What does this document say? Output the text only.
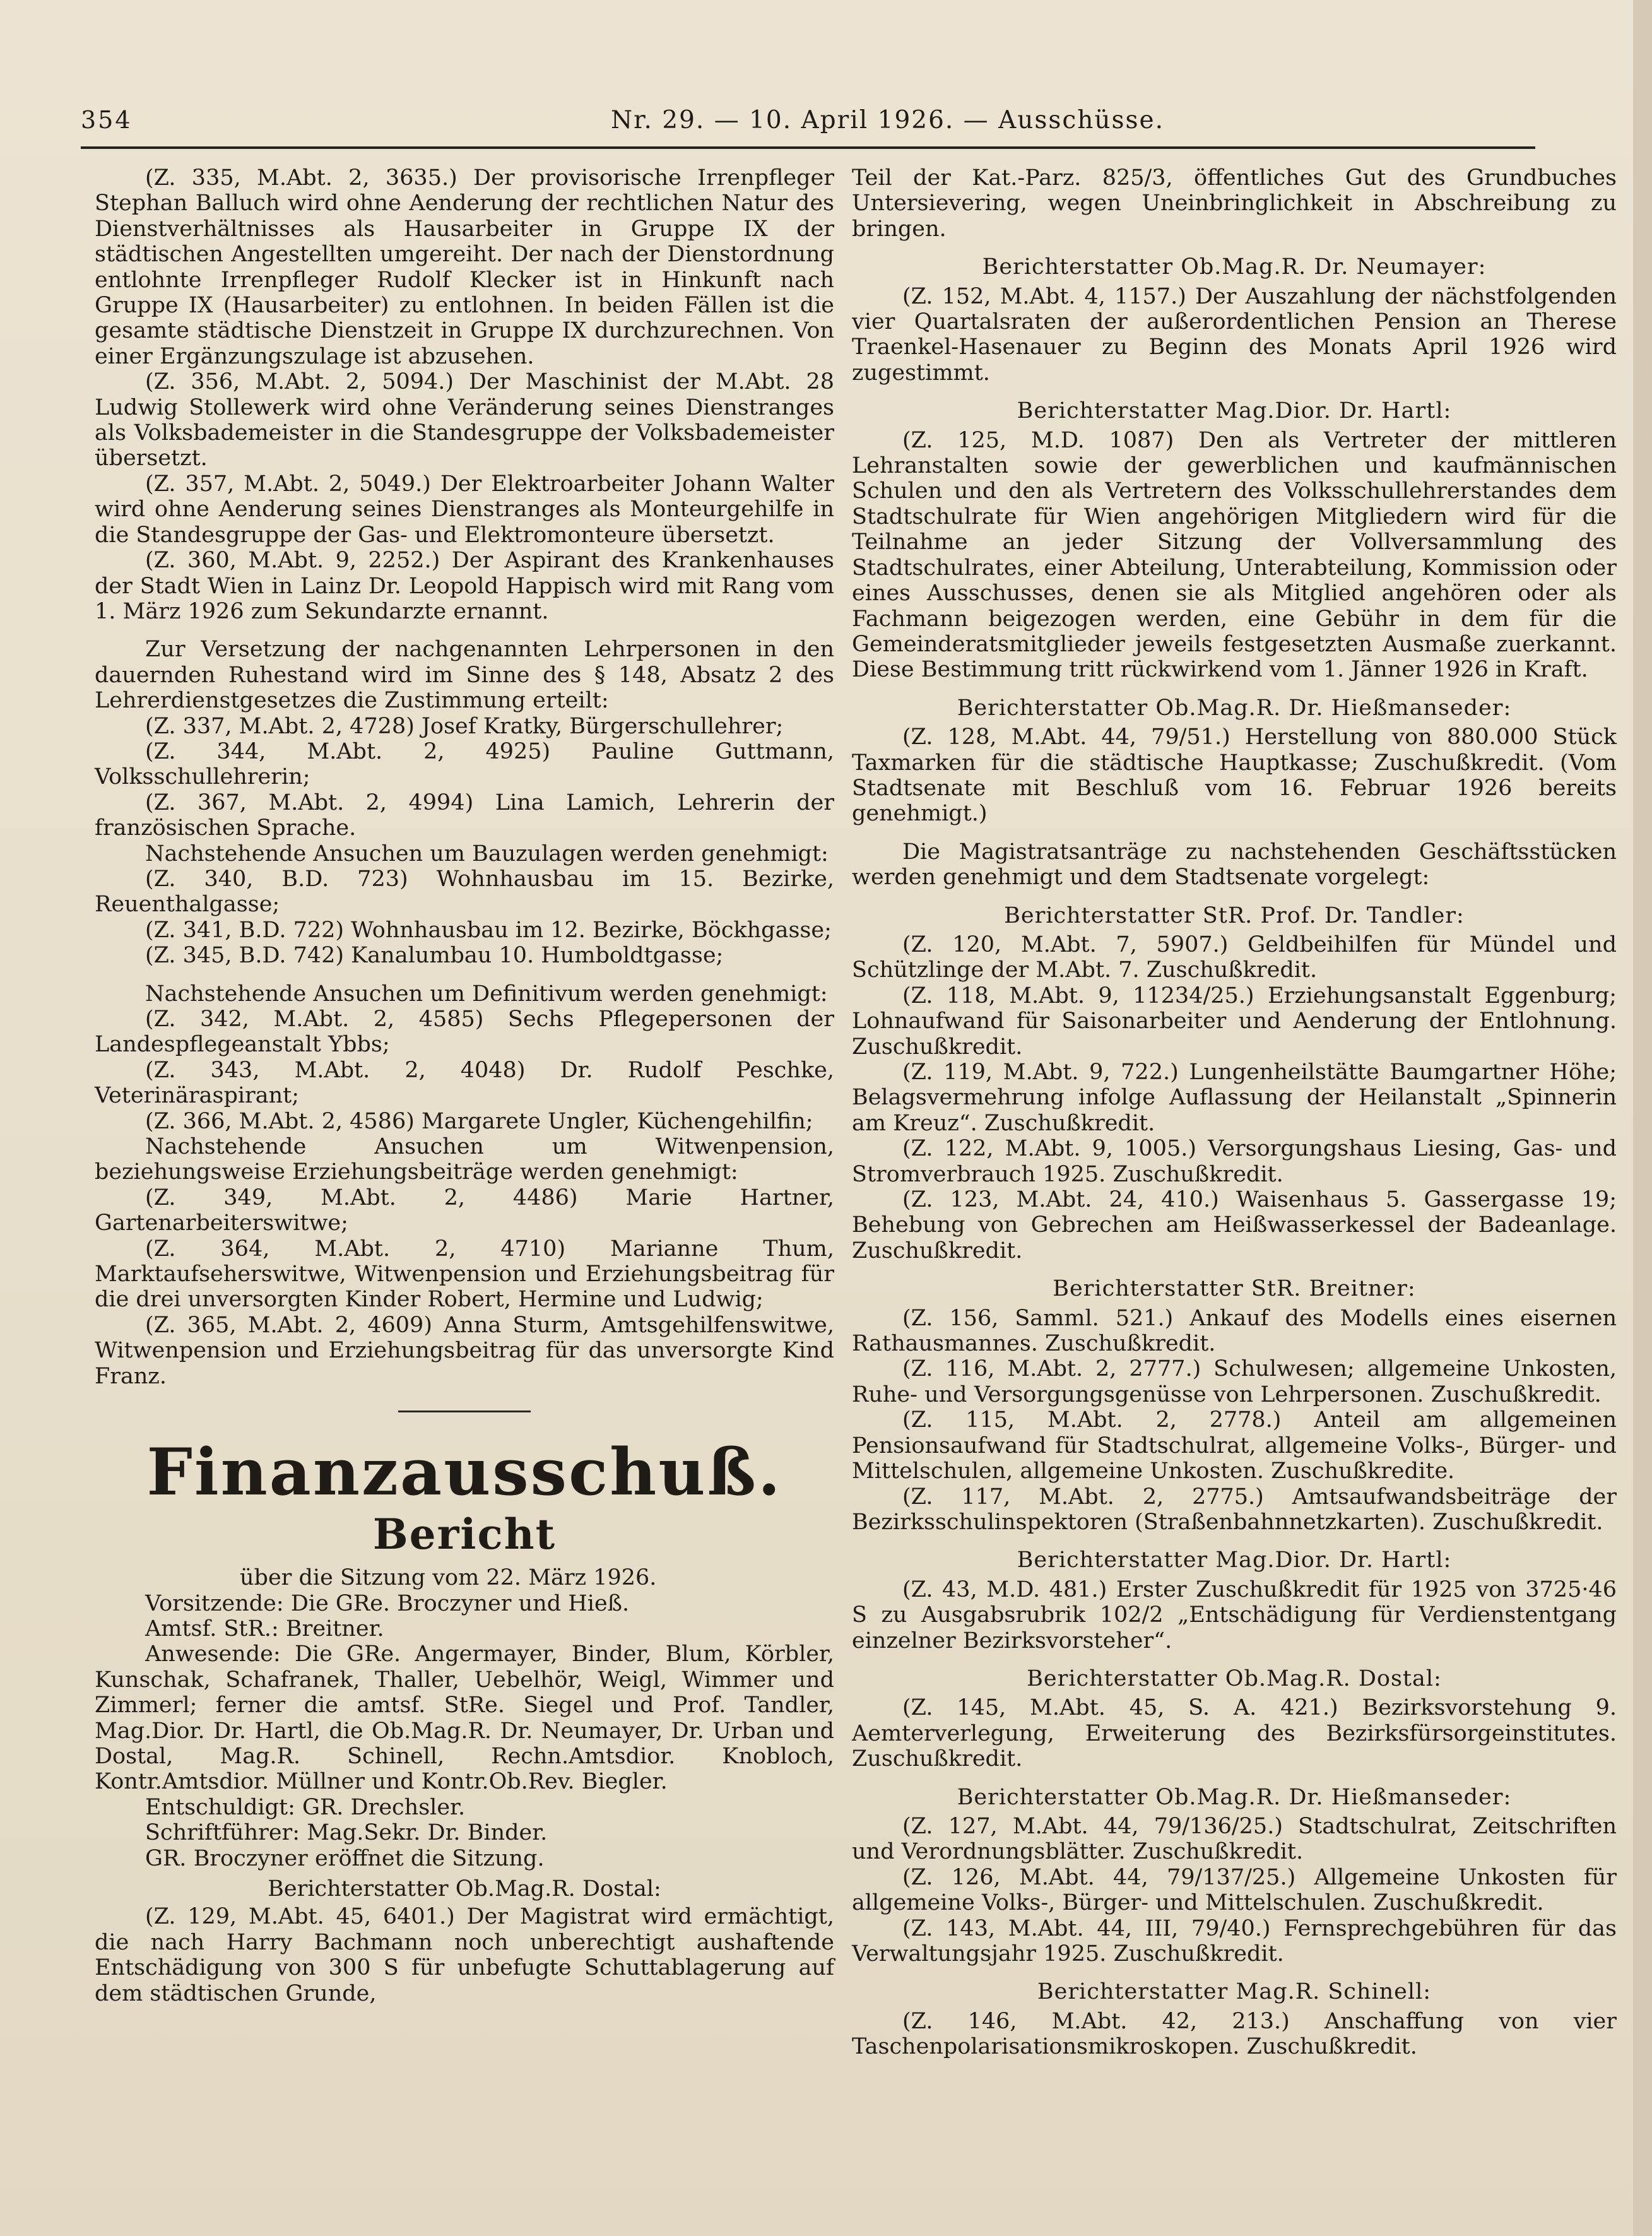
354	Nr. 29. — 10. April 1926. — Ausschüsse.

(Z. 335, M.Abt. 2, 3635.) Der provisorische Irrenpfleger Stephan Balluch wird ohne Aenderung der rechtlichen Natur des Dienstverhältnisses als Hausarbeiter in Gruppe IX der städtischen Angestellten umgereiht. Der nach der Dienstordnung entlohnte Irrenpfleger Rudolf Klecker ist in Hinkunft nach Gruppe IX (Hausarbeiter) zu entlohnen. In beiden Fällen ist die gesamte städtische Dienstzeit in Gruppe IX durchzurechnen. Von einer Ergänzungszulage ist abzusehen.

(Z. 356, M.Abt. 2, 5094.) Der Maschinist der M.Abt. 28 Ludwig Stollewerk wird ohne Veränderung seines Dienstranges als Volksbademeister in die Standesgruppe der Volksbademeister übersetzt.

(Z. 357, M.Abt. 2, 5049.) Der Elektroarbeiter Johann Walter wird ohne Aenderung seines Dienstranges als Monteurgehilfe in die Standesgruppe der Gas- und Elektromonteure übersetzt.

(Z. 360, M.Abt. 9, 2252.) Der Aspirant des Krankenhauses der Stadt Wien in Lainz Dr. Leopold Happisch wird mit Rang vom 1. März 1926 zum Sekundarzte ernannt.

Zur Versetzung der nachgenannten Lehrpersonen in den dauernden Ruhestand wird im Sinne des § 148, Absatz 2 des Lehrerdienstgesetzes die Zustimmung erteilt:

(Z. 337, M.Abt. 2, 4728) Josef Kratky, Bürgerschullehrer;

(Z. 344, M.Abt. 2, 4925) Pauline Guttmann, Volksschullehrerin;

(Z. 367, M.Abt. 2, 4994) Lina Lamich, Lehrerin der französischen Sprache.

Nachstehende Ansuchen um Bauzulagen werden genehmigt:

(Z. 340, B.D. 723) Wohnhausbau im 15. Bezirke, Reuenthalgasse;

(Z. 341, B.D. 722) Wohnhausbau im 12. Bezirke, Böckhgasse;

(Z. 345, B.D. 742) Kanalumbau 10. Humboldtgasse;

Nachstehende Ansuchen um Definitivum werden genehmigt:

(Z. 342, M.Abt. 2, 4585) Sechs Pflegepersonen der Landespflegeanstalt Ybbs;

(Z. 343, M.Abt. 2, 4048) Dr. Rudolf Peschke, Veterinäraspirant;

(Z. 366, M.Abt. 2, 4586) Margarete Ungler, Küchengehilfin;

Nachstehende Ansuchen um Witwenpension, beziehungsweise Erziehungsbeiträge werden genehmigt:

(Z. 349, M.Abt. 2, 4486) Marie Hartner, Gartenarbeiterswitwe;

(Z. 364, M.Abt. 2, 4710) Marianne Thum, Marktaufseherswitwe, Witwenpension und Erziehungsbeitrag für die drei unversorgten Kinder Robert, Hermine und Ludwig;

(Z. 365, M.Abt. 2, 4609) Anna Sturm, Amtsgehilfenswitwe, Witwenpension und Erziehungsbeitrag für das unversorgte Kind Franz.

Finanzausschuß.
Bericht

über die Sitzung vom 22. März 1926.

Vorsitzende: Die GRe. Broczyner und Hieß.

Amtsf. StR.: Breitner.

Anwesende: Die GRe. Angermayer, Binder, Blum, Körbler, Kunschak, Schafranek, Thaller, Uebelhör, Weigl, Wimmer und Zimmerl; ferner die amtsf. StRe. Siegel und Prof. Tandler, Mag.Dior. Dr. Hartl, die Ob.Mag.R. Dr. Neumayer, Dr. Urban und Dostal, Mag.R. Schinell, Rechn.Amtsdior. Knobloch, Kontr.Amtsdior. Müllner und Kontr.Ob.Rev. Biegler.

Entschuldigt: GR. Drechsler.

Schriftführer: Mag.Sekr. Dr. Binder.

GR. Broczyner eröffnet die Sitzung.

Berichterstatter Ob.Mag.R. Dostal:

(Z. 129, M.Abt. 45, 6401.) Der Magistrat wird ermächtigt, die nach Harry Bachmann noch unberechtigt aushaftende Entschädigung von 300 S für unbefugte Schuttablagerung auf dem städtischen Grunde,

Teil der Kat.-Parz. 825/3, öffentliches Gut des Grundbuches Untersievering, wegen Uneinbringlichkeit in Abschreibung zu bringen.

Berichterstatter Ob.Mag.R. Dr. Neumayer:

(Z. 152, M.Abt. 4, 1157.) Der Auszahlung der nächstfolgenden vier Quartalsraten der außerordentlichen Pension an Therese Traenkel-Hasenauer zu Beginn des Monats April 1926 wird zugestimmt.

Berichterstatter Mag.Dior. Dr. Hartl:

(Z. 125, M.D. 1087) Den als Vertreter der mittleren Lehranstalten sowie der gewerblichen und kaufmännischen Schulen und den als Vertretern des Volksschullehrerstandes dem Stadtschulrate für Wien angehörigen Mitgliedern wird für die Teilnahme an jeder Sitzung der Vollversammlung des Stadtschulrates, einer Abteilung, Unterabteilung, Kommission oder eines Ausschusses, denen sie als Mitglied angehören oder als Fachmann beigezogen werden, eine Gebühr in dem für die Gemeinderatsmitglieder jeweils festgesetzten Ausmaße zuerkannt. Diese Bestimmung tritt rückwirkend vom 1. Jänner 1926 in Kraft.

Berichterstatter Ob.Mag.R. Dr. Hießmanseder:

(Z. 128, M.Abt. 44, 79/51.) Herstellung von 880.000 Stück Taxmarken für die städtische Hauptkasse; Zuschußkredit. (Vom Stadtsenate mit Beschluß vom 16. Februar 1926 bereits genehmigt.)

Die Magistratsanträge zu nachstehenden Geschäftsstücken werden genehmigt und dem Stadtsenate vorgelegt:

Berichterstatter StR. Prof. Dr. Tandler:

(Z. 120, M.Abt. 7, 5907.) Geldbeihilfen für Mündel und Schützlinge der M.Abt. 7. Zuschußkredit.

(Z. 118, M.Abt. 9, 11234/25.) Erziehungsanstalt Eggenburg; Lohnaufwand für Saisonarbeiter und Aenderung der Entlohnung. Zuschußkredit.

(Z. 119, M.Abt. 9, 722.) Lungenheilstätte Baumgartner Höhe; Belagsvermehrung infolge Auflassung der Heilanstalt „Spinnerin am Kreuz“. Zuschußkredit.

(Z. 122, M.Abt. 9, 1005.) Versorgungshaus Liesing, Gas- und Stromverbrauch 1925. Zuschußkredit.

(Z. 123, M.Abt. 24, 410.) Waisenhaus 5. Gassergasse 19; Behebung von Gebrechen am Heißwasserkessel der Badeanlage. Zuschußkredit.

Berichterstatter StR. Breitner:

(Z. 156, Samml. 521.) Ankauf des Modells eines eisernen Rathausmannes. Zuschußkredit.

(Z. 116, M.Abt. 2, 2777.) Schulwesen; allgemeine Unkosten, Ruhe- und Versorgungsgenüsse von Lehrpersonen. Zuschußkredit.

(Z. 115, M.Abt. 2, 2778.) Anteil am allgemeinen Pensionsaufwand für Stadtschulrat, allgemeine Volks-, Bürger- und Mittelschulen, allgemeine Unkosten. Zuschußkredite.

(Z. 117, M.Abt. 2, 2775.) Amtsaufwandsbeiträge der Bezirksschulinspektoren (Straßenbahnnetzkarten). Zuschußkredit.

Berichterstatter Mag.Dior. Dr. Hartl:

(Z. 43, M.D. 481.) Erster Zuschußkredit für 1925 von 3725·46 S zu Ausgabsrubrik 102/2 „Entschädigung für Verdienstentgang einzelner Bezirksvorsteher“.

Berichterstatter Ob.Mag.R. Dostal:

(Z. 145, M.Abt. 45, S. A. 421.) Bezirksvorstehung 9. Aemterverlegung, Erweiterung des Bezirksfürsorgeinstitutes. Zuschußkredit.

Berichterstatter Ob.Mag.R. Dr. Hießmanseder:

(Z. 127, M.Abt. 44, 79/136/25.) Stadtschulrat, Zeitschriften und Verordnungsblätter. Zuschußkredit.

(Z. 126, M.Abt. 44, 79/137/25.) Allgemeine Unkosten für allgemeine Volks-, Bürger- und Mittelschulen. Zuschußkredit.

(Z. 143, M.Abt. 44, III, 79/40.) Fernsprechgebühren für das Verwaltungsjahr 1925. Zuschußkredit.

Berichterstatter Mag.R. Schinell:

(Z. 146, M.Abt. 42, 213.) Anschaffung von vier Taschenpolarisationsmikroskopen. Zuschußkredit.
